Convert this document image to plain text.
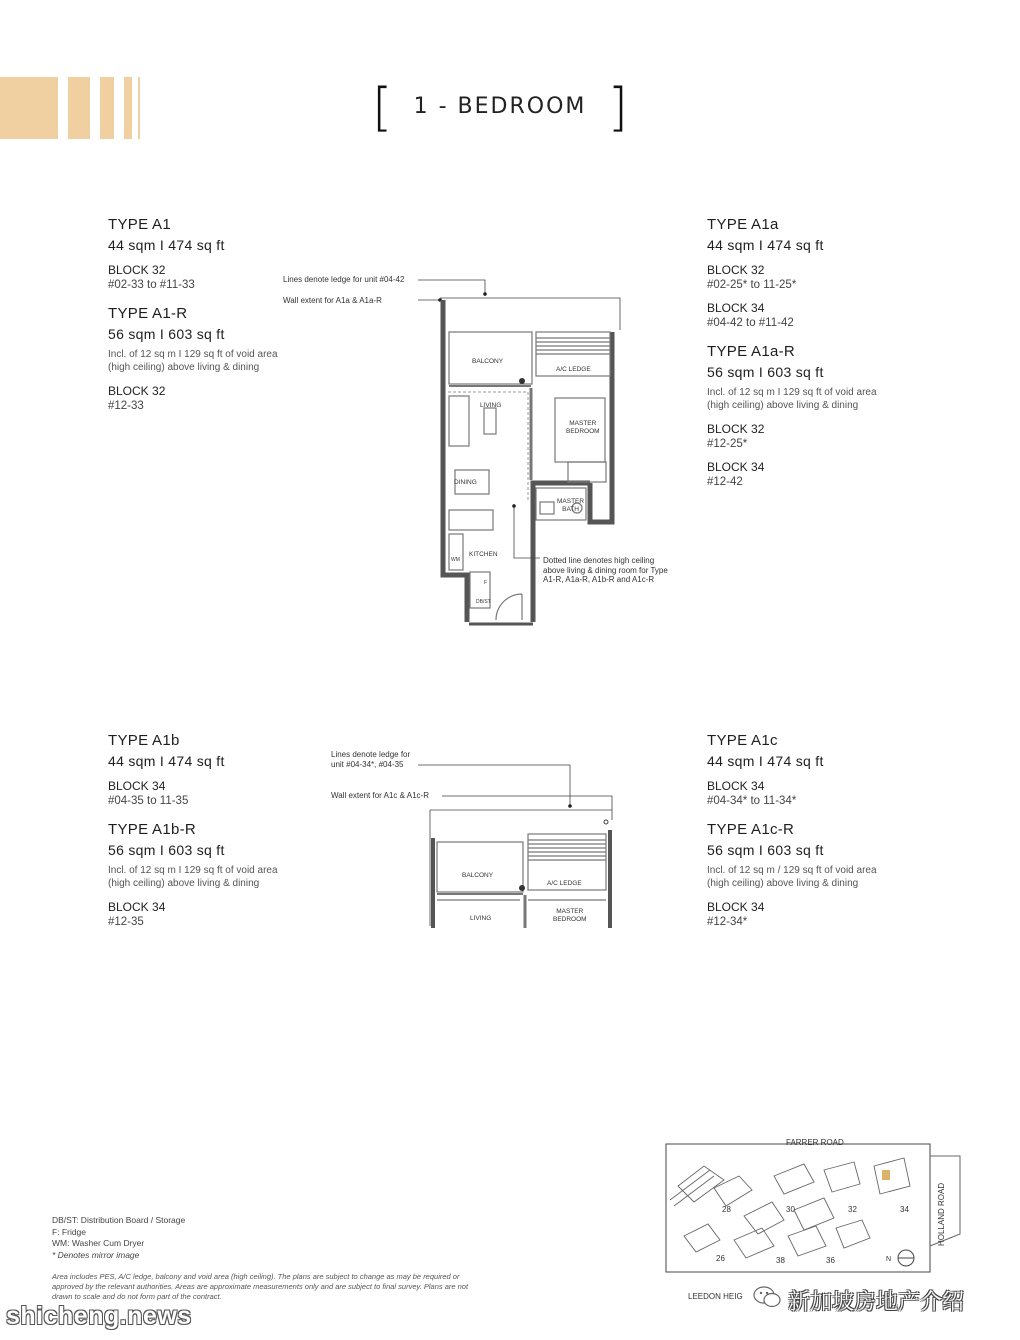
[ 1 - BEDROOM ]
TYPE A1
44 sqm I 474 sq ft
BLOCK 32
#02-33 to #11-33
TYPE A1-R
56 sqm I 603 sq ft
Incl. of 12 sq m I 129 sq ft of void area (high ceiling) above living & dining
BLOCK 32
#12-33
TYPE A1a
44 sqm I 474 sq ft
BLOCK 32
#02-25* to 11-25*
BLOCK 34
#04-42 to #11-42
TYPE A1a-R
56 sqm I 603 sq ft
Incl. of 12 sq m I 129 sq ft of void area (high ceiling) above living & dining
BLOCK 32
#12-25*
BLOCK 34
#12-42
TYPE A1b
44 sqm I 474 sq ft
BLOCK 34
#04-35 to 11-35
TYPE A1b-R
56 sqm I 603 sq ft
Incl. of 12 sq m I 129 sq ft of void area (high ceiling) above living & dining
BLOCK 34
#12-35
TYPE A1c
44 sqm I 474 sq ft
BLOCK 34
#04-34* to 11-34*
TYPE A1c-R
56 sqm I 603 sq ft
Incl. of 12 sq m / 129 sq ft of void area (high ceiling) above living & dining
BLOCK 34
#12-34*
Lines denote ledge for unit #04-42
Wall extent for A1a & A1a-R
BALCONY
A/C LEDGE
LIVING
MASTER
BEDROOM
DINING
MASTER
BATH
KITCHEN
WM
DB/ST
F
Dotted line denotes high ceiling
above living & dining room for Type
A1-R, A1a-R, A1b-R and A1c-R
Lines denote ledge for
unit #04-34*, #04-35
Wall extent for A1c & A1c-R
BALCONY
A/C LEDGE
LIVING
MASTER
BEDROOM
DB/ST: Distribution Board / Storage
F: Fridge
WM: Washer Cum Dryer
* Denotes mirror image
Area includes PES, A/C ledge, balcony and void area (high ceiling). The plans are subject to change as may be required or approved by the relevant authorities. Areas are approximate measurements only and are subject to final survey. Plans are not drawn to scale and do not form part of the contract.
FARRER ROAD
28	30	32	34
26	38	36
HOLLAND ROAD
LEEDON HEIG
N
shicheng.news
新加坡房地产介绍
